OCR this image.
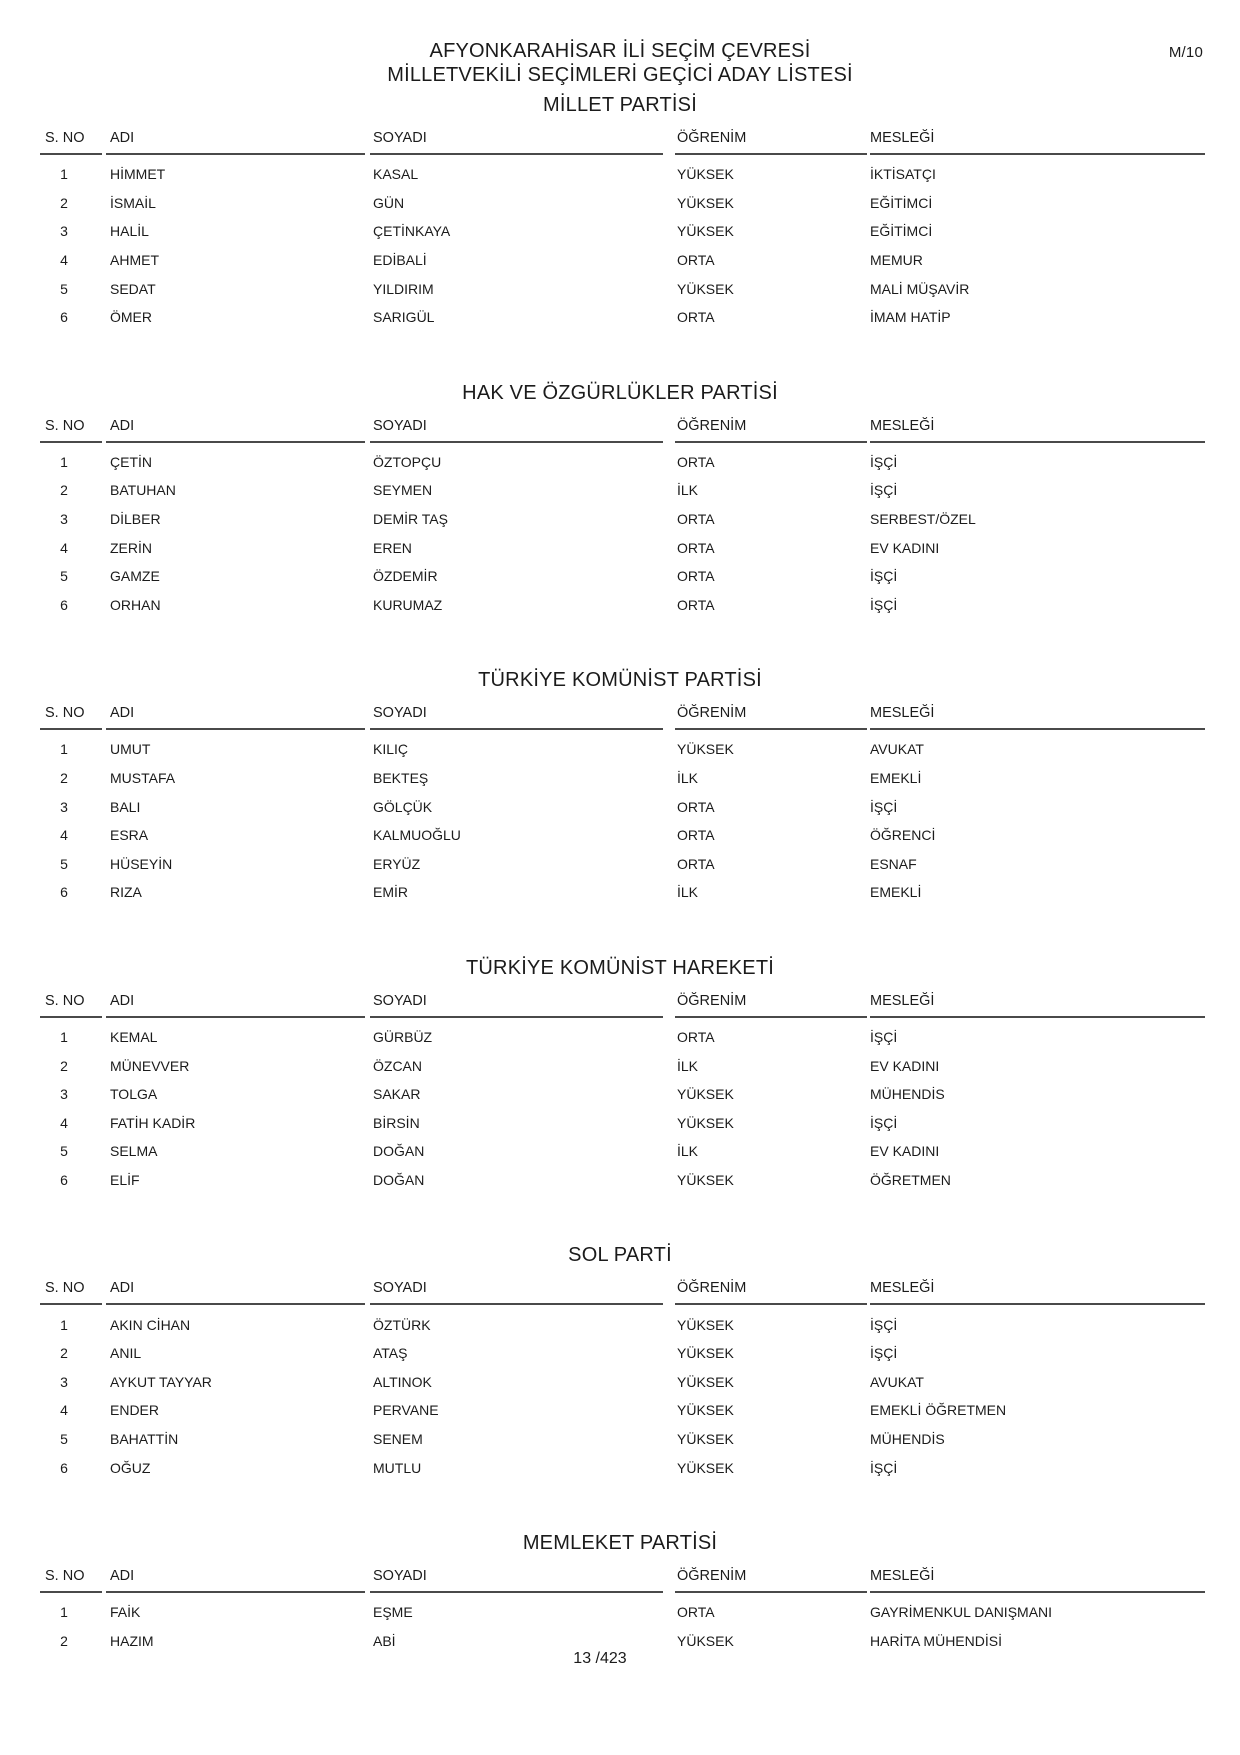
M/10
AFYONKARAHİSAR İLİ SEÇİM ÇEVRESİ
MİLLETVEKİLİ SEÇİMLERİ GEÇİCİ ADAY LİSTESİ
MİLLET PARTİSİ
S. NO	ADI	SOYADI	ÖĞRENİM	MESLEĞİ
1	HİMMET	KASAL	YÜKSEK	İKTİSATÇI
2	İSMAİL	GÜN	YÜKSEK	EĞİTİMCİ
3	HALİL	ÇETİNKAYA	YÜKSEK	EĞİTİMCİ
4	AHMET	EDİBALİ	ORTA	MEMUR
5	SEDAT	YILDIRIM	YÜKSEK	MALİ MÜŞAVİR
6	ÖMER	SARIGÜL	ORTA	İMAM HATİP
HAK VE ÖZGÜRLÜKLER PARTİSİ
S. NO	ADI	SOYADI	ÖĞRENİM	MESLEĞİ
1	ÇETİN	ÖZTOPÇU	ORTA	İŞÇİ
2	BATUHAN	SEYMEN	İLK	İŞÇİ
3	DİLBER	DEMİR TAŞ	ORTA	SERBEST/ÖZEL
4	ZERİN	EREN	ORTA	EV KADINI
5	GAMZE	ÖZDEMİR	ORTA	İŞÇİ
6	ORHAN	KURUMAZ	ORTA	İŞÇİ
TÜRKİYE KOMÜNİST PARTİSİ
S. NO	ADI	SOYADI	ÖĞRENİM	MESLEĞİ
1	UMUT	KILIÇ	YÜKSEK	AVUKAT
2	MUSTAFA	BEKTEŞ	İLK	EMEKLİ
3	BALI	GÖLÇÜK	ORTA	İŞÇİ
4	ESRA	KALMUOĞLU	ORTA	ÖĞRENCİ
5	HÜSEYİN	ERYÜZ	ORTA	ESNAF
6	RIZA	EMİR	İLK	EMEKLİ
TÜRKİYE KOMÜNİST HAREKETİ
S. NO	ADI	SOYADI	ÖĞRENİM	MESLEĞİ
1	KEMAL	GÜRBÜZ	ORTA	İŞÇİ
2	MÜNEVVER	ÖZCAN	İLK	EV KADINI
3	TOLGA	SAKAR	YÜKSEK	MÜHENDİS
4	FATİH KADİR	BİRSİN	YÜKSEK	İŞÇİ
5	SELMA	DOĞAN	İLK	EV KADINI
6	ELİF	DOĞAN	YÜKSEK	ÖĞRETMEN
SOL PARTİ
S. NO	ADI	SOYADI	ÖĞRENİM	MESLEĞİ
1	AKIN CİHAN	ÖZTÜRK	YÜKSEK	İŞÇİ
2	ANIL	ATAŞ	YÜKSEK	İŞÇİ
3	AYKUT TAYYAR	ALTINOK	YÜKSEK	AVUKAT
4	ENDER	PERVANE	YÜKSEK	EMEKLİ ÖĞRETMEN
5	BAHATTİN	SENEM	YÜKSEK	MÜHENDİS
6	OĞUZ	MUTLU	YÜKSEK	İŞÇİ
MEMLEKET PARTİSİ
S. NO	ADI	SOYADI	ÖĞRENİM	MESLEĞİ
1	FAİK	EŞME	ORTA	GAYRİMENKUL DANIŞMANI
2	HAZIM	ABİ	YÜKSEK	HARİTA MÜHENDİSİ
13 /423
